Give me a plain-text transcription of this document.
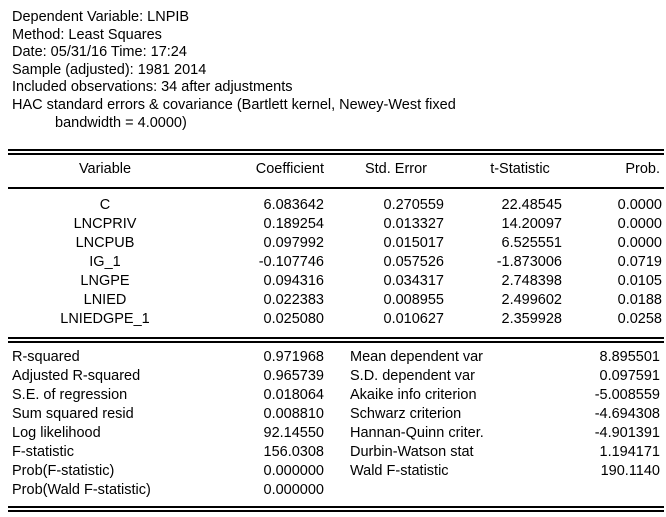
Dependent Variable: LNPIB
Method: Least Squares
Date: 05/31/16 Time: 17:24
Sample (adjusted): 1981 2014
Included observations: 34 after adjustments
HAC standard errors & covariance (Bartlett kernel, Newey-West fixed
bandwidth = 4.0000)
Variable	Coefficient	Std. Error	t-Statistic	Prob.
C	6.083642	0.270559	22.48545	0.0000
LNCPRIV	0.189254	0.013327	14.20097	0.0000
LNCPUB	0.097992	0.015017	6.525551	0.0000
IG_1	-0.107746	0.057526	-1.873006	0.0719
LNGPE	0.094316	0.034317	2.748398	0.0105
LNIED	0.022383	0.008955	2.499602	0.0188
LNIEDGPE_1	0.025080	0.010627	2.359928	0.0258
R-squared	0.971968 Mean dependent var	8.895501
Adjusted R-squared	0.965739 S.D. dependent var	0.097591
S.E. of regression	0.018064 Akaike info criterion	-5.008559
Sum squared resid	0.008810 Schwarz criterion	-4.694308
Log likelihood	92.14550 Hannan-Quinn criter.	-4.901391
F-statistic	156.0308 Durbin-Watson stat	1.194171
Prob(F-statistic)	0.000000 Wald F-statistic	190.1140
Prob(Wald F-statistic)	0.000000
